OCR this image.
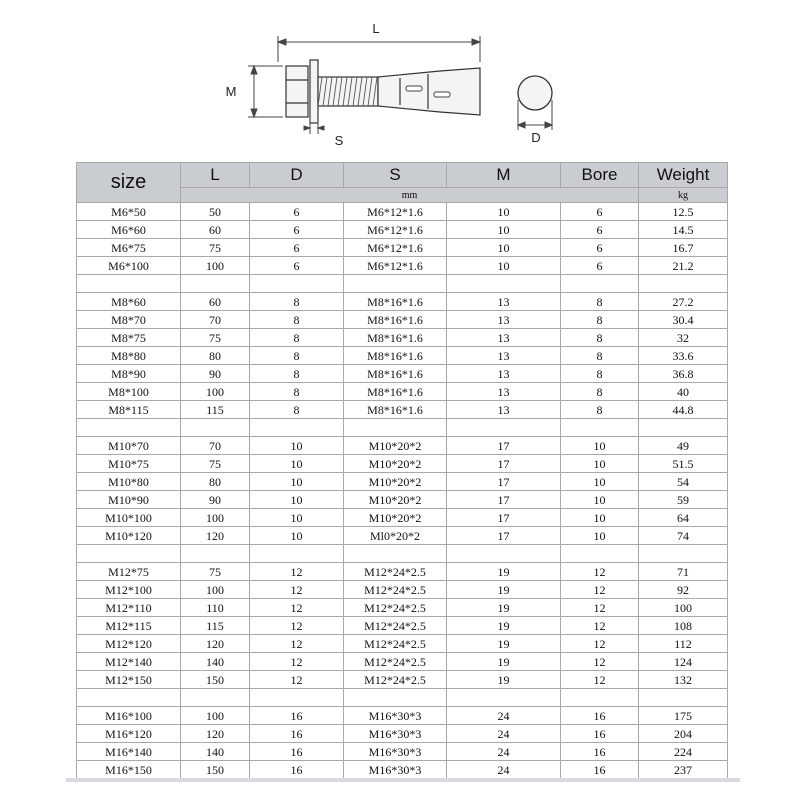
L
M
S	D
size	L	D	S	M	Bore	Weight
	mm					kg
M6*50	50	6	M6*12*1.6	10	6	12.5
M6*60	60	6	M6*12*1.6	10	6	14.5
M6*75	75	6	M6*12*1.6	10	6	16.7
M6*100	100	6	M6*12*1.6	10	6	21.2

M8*60	60	8	M8*16*1.6	13	8	27.2
M8*70	70	8	M8*16*1.6	13	8	30.4
M8*75	75	8	M8*16*1.6	13	8	32
M8*80	80	8	M8*16*1.6	13	8	33.6
M8*90	90	8	M8*16*1.6	13	8	36.8
M8*100	100	8	M8*16*1.6	13	8	40
M8*115	115	8	M8*16*1.6	13	8	44.8

M10*70	70	10	M10*20*2	17	10	49
M10*75	75	10	M10*20*2	17	10	51.5
M10*80	80	10	M10*20*2	17	10	54
M10*90	90	10	M10*20*2	17	10	59
M10*100	100	10	M10*20*2	17	10	64
M10*120	120	10	Ml0*20*2	17	10	74

M12*75	75	12	M12*24*2.5	19	12	71
M12*100	100	12	M12*24*2.5	19	12	92
M12*110	110	12	M12*24*2.5	19	12	100
M12*115	115	12	M12*24*2.5	19	12	108
M12*120	120	12	M12*24*2.5	19	12	112
M12*140	140	12	M12*24*2.5	19	12	124
M12*150	150	12	M12*24*2.5	19	12	132

M16*100	100	16	M16*30*3	24	16	175
M16*120	120	16	M16*30*3	24	16	204
M16*140	140	16	M16*30*3	24	16	224
M16*150	150	16	M16*30*3	24	16	237
